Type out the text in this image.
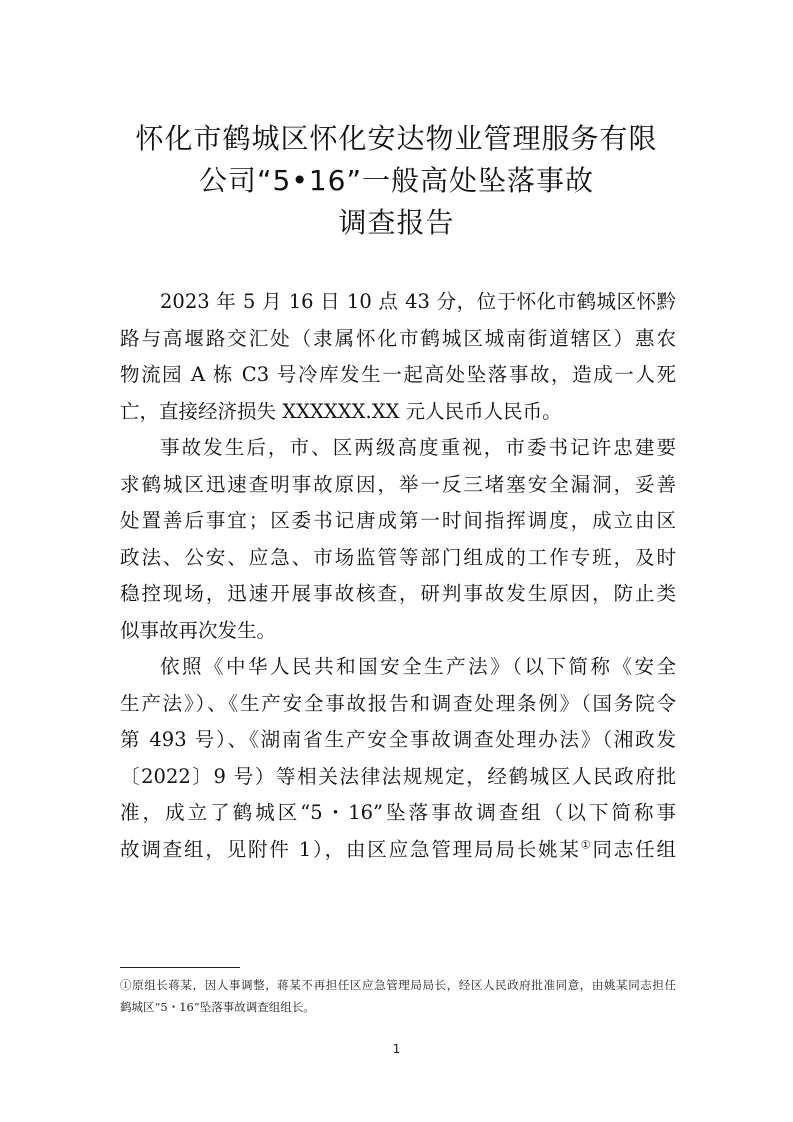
怀化市鹤城区怀化安达物业管理服务有限
公司“5•16”一般高处坠落事故
调查报告
2023 年 5 月 16 日 10 点 43 分，位于怀化市鹤城区怀黔
路与高堰路交汇处（隶属怀化市鹤城区城南街道辖区）惠农
物流园 A 栋 C3 号冷库发生一起高处坠落事故，造成一人死
亡，直接经济损失 XXXXXX.XX 元人民币人民币。
事故发生后，市、区两级高度重视，市委书记许忠建要
求鹤城区迅速查明事故原因，举一反三堵塞安全漏洞，妥善
处置善后事宜；区委书记唐成第一时间指挥调度，成立由区
政法、公安、应急、市场监管等部门组成的工作专班，及时
稳控现场，迅速开展事故核查，研判事故发生原因，防止类
似事故再次发生。
依照《中华人民共和国安全生产法》（以下简称《安全
生产法》）、《生产安全事故报告和调查处理条例》（国务院令
第 493 号）、《湖南省生产安全事故调查处理办法》（湘政发
〔2022〕9 号）等相关法律法规规定，经鹤城区人民政府批
准，成立了鹤城区“5・16”坠落事故调查组（以下简称事
故调查组，见附件 1），由区应急管理局局长姚某①同志任组
①原组长蒋某，因人事调整，蒋某不再担任区应急管理局局长，经区人民政府批准同意，由姚某同志担任
鹤城区“5・16”坠落事故调查组组长。
1
